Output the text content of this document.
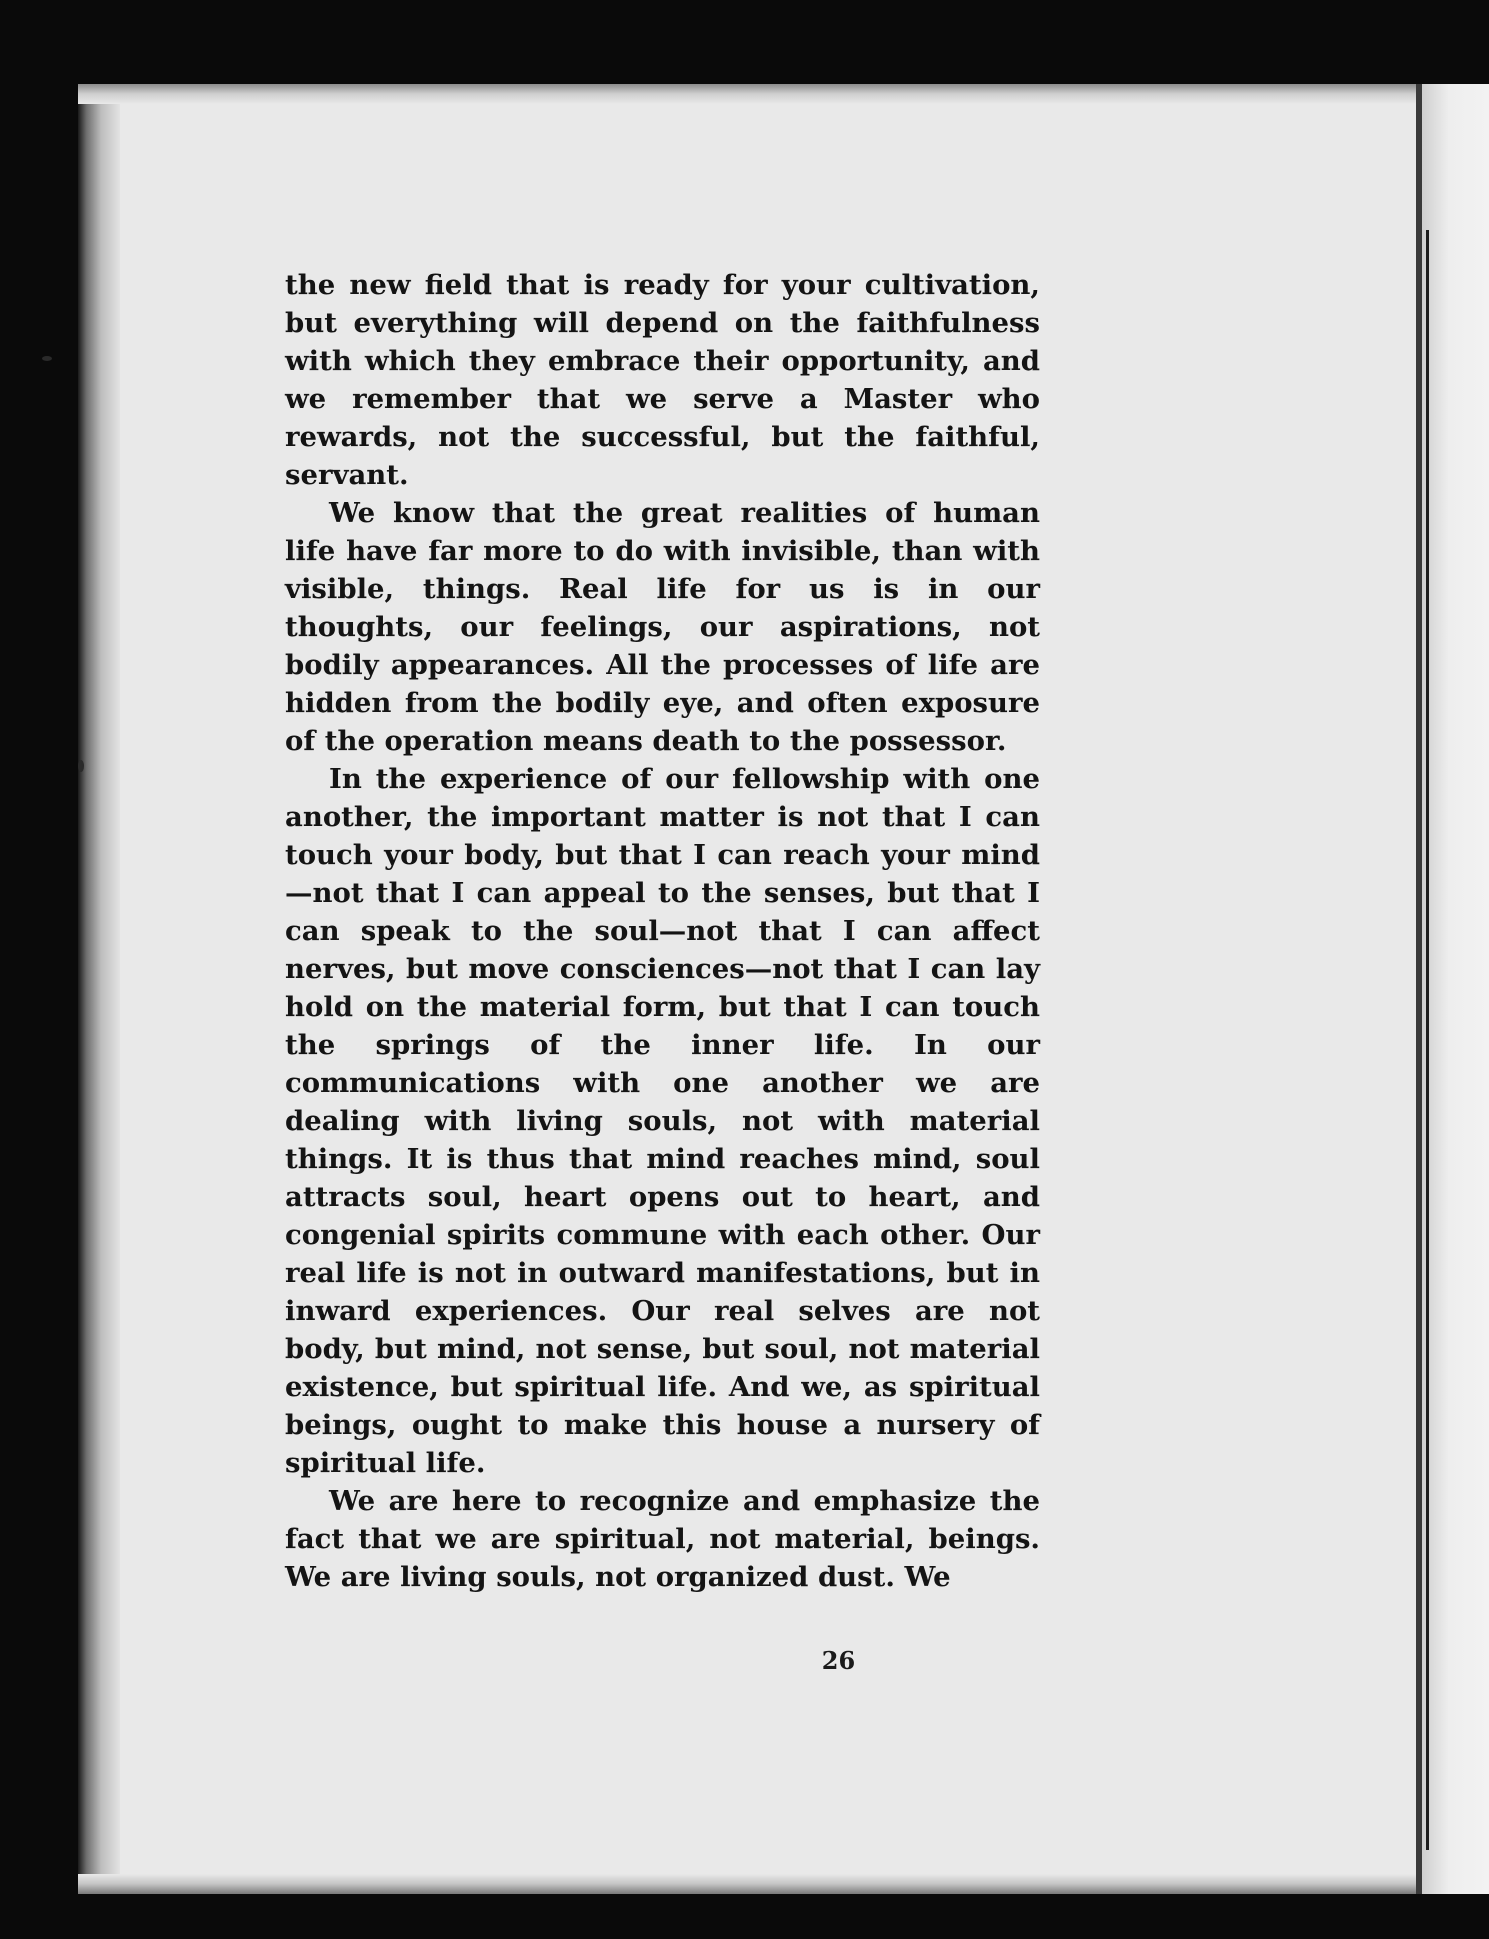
the new field that is ready for your cultivation, but everything will depend on the faithfulness with which they embrace their opportunity, and we remember that we serve a Master who rewards, not the successful, but the faithful, servant.

We know that the great realities of human life have far more to do with invisible, than with visible, things. Real life for us is in our thoughts, our feelings, our aspirations, not bodily appearances. All the processes of life are hidden from the bodily eye, and often exposure of the operation means death to the possessor.

In the experience of our fellowship with one another, the important matter is not that I can touch your body, but that I can reach your mind —not that I can appeal to the senses, but that I can speak to the soul—not that I can affect nerves, but move consciences—not that I can lay hold on the material form, but that I can touch the springs of the inner life. In our communications with one another we are dealing with living souls, not with material things. It is thus that mind reaches mind, soul attracts soul, heart opens out to heart, and congenial spirits commune with each other. Our real life is not in outward manifestations, but in inward experiences. Our real selves are not body, but mind, not sense, but soul, not material existence, but spiritual life. And we, as spiritual beings, ought to make this house a nursery of spiritual life.

We are here to recognize and emphasize the fact that we are spiritual, not material, beings. We are living souls, not organized dust. We

26
